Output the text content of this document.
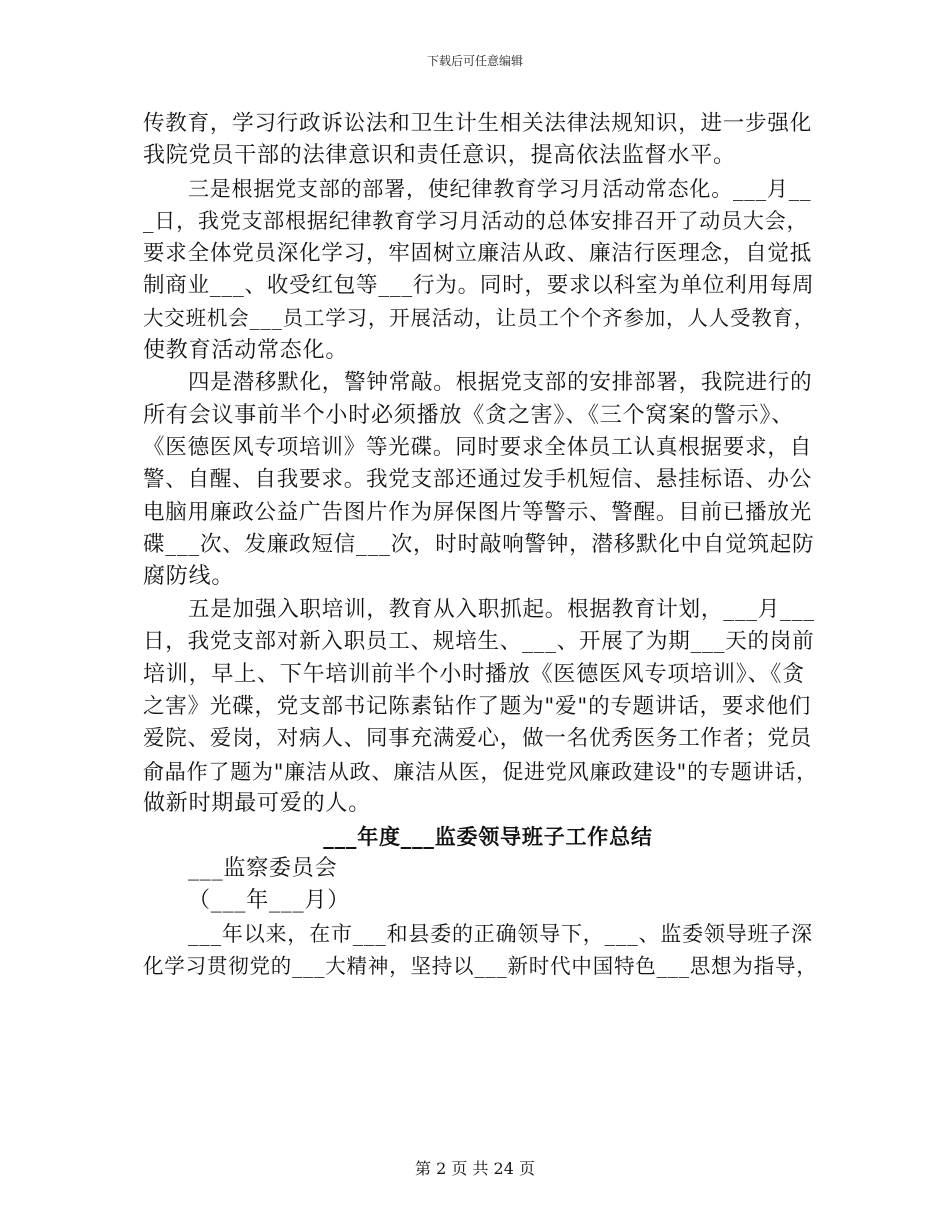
下载后可任意编辑
传教育，学习行政诉讼法和卫生计生相关法律法规知识，进一步强化
我院党员干部的法律意识和责任意识，提高依法监督水平。
三是根据党支部的部署，使纪律教育学习月活动常态化。___月__
_日，我党支部根据纪律教育学习月活动的总体安排召开了动员大会，
要求全体党员深化学习，牢固树立廉洁从政、廉洁行医理念，自觉抵
制商业___、收受红包等___行为。同时，要求以科室为单位利用每周
大交班机会___员工学习，开展活动，让员工个个齐参加，人人受教育，
使教育活动常态化。
四是潜移默化，警钟常敲。根据党支部的安排部署，我院进行的
所有会议事前半个小时必须播放《贪之害》、《三个窝案的警示》、
《医德医风专项培训》等光碟。同时要求全体员工认真根据要求，自
警、自醒、自我要求。我党支部还通过发手机短信、悬挂标语、办公
电脑用廉政公益广告图片作为屏保图片等警示、警醒。目前已播放光
碟___次、发廉政短信___次，时时敲响警钟，潜移默化中自觉筑起防
腐防线。
五是加强入职培训，教育从入职抓起。根据教育计划，___月___
日，我党支部对新入职员工、规培生、___、开展了为期___天的岗前
培训，早上、下午培训前半个小时播放《医德医风专项培训》、《贪
之害》光碟，党支部书记陈素钻作了题为"爱"的专题讲话，要求他们
爱院、爱岗，对病人、同事充满爱心，做一名优秀医务工作者；党员
俞晶作了题为"廉洁从政、廉洁从医，促进党风廉政建设"的专题讲话，
做新时期最可爱的人。
___年度___监委领导班子工作总结
___监察委员会
（___年___月）
___年以来，在市___和县委的正确领导下，___、监委领导班子深
化学习贯彻党的___大精神，坚持以___新时代中国特色___思想为指导，
第 2 页 共 24 页
